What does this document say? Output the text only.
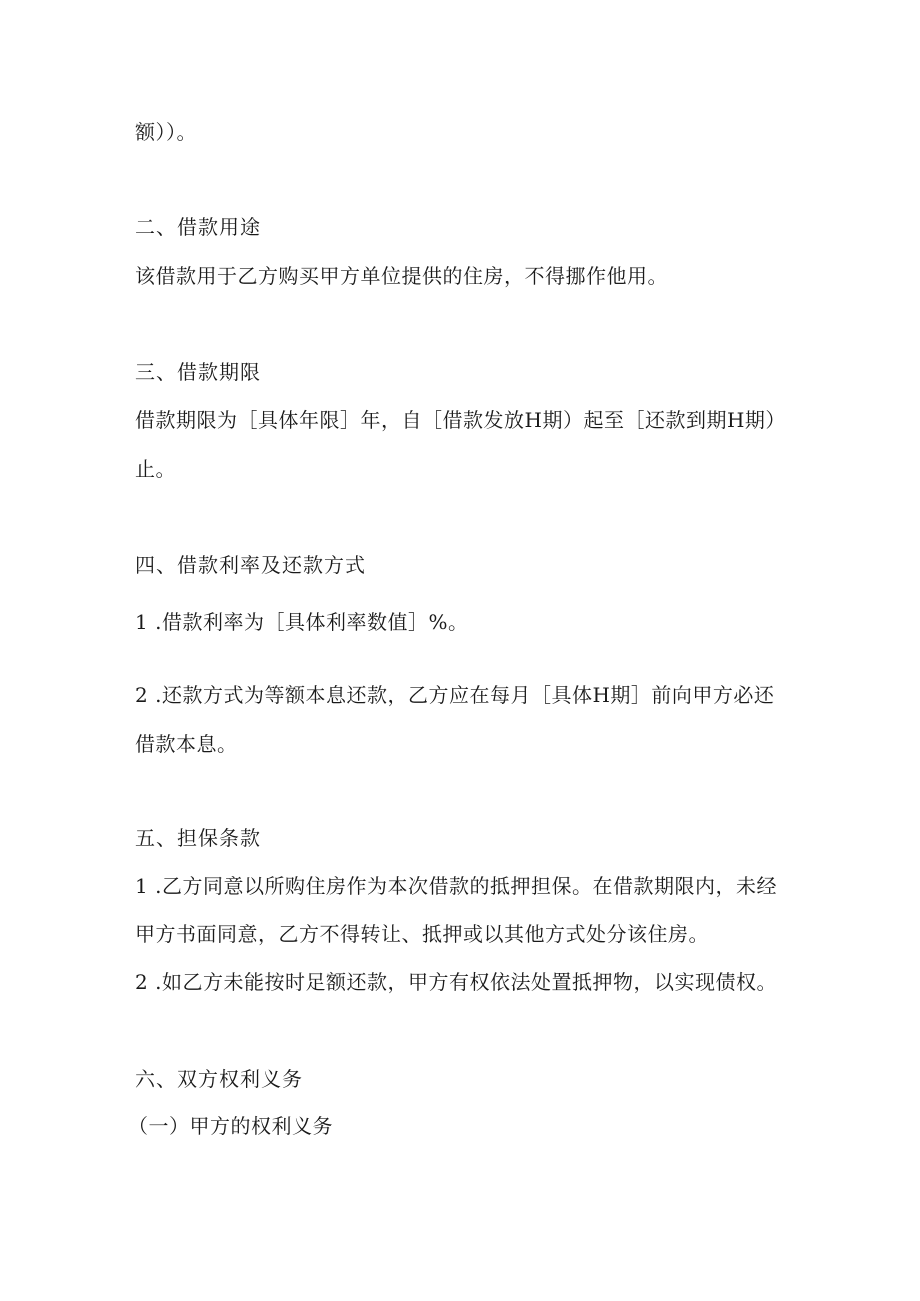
额））。
二、借款用途
该借款用于乙方购买甲方单位提供的住房，不得挪作他用。
三、借款期限
借款期限为［具体年限］年，自［借款发放H期）起至［还款到期H期）
止。
四、借款利率及还款方式
1 .借款利率为［具体利率数值］%。
2 .还款方式为等额本息还款，乙方应在每月［具体H期］前向甲方必还
借款本息。
五、担保条款
1 .乙方同意以所购住房作为本次借款的抵押担保。在借款期限内，未经
甲方书面同意，乙方不得转让、抵押或以其他方式处分该住房。
2 .如乙方未能按时足额还款，甲方有权依法处置抵押物，以实现债权。
六、双方权利义务
（一）甲方的权利义务
